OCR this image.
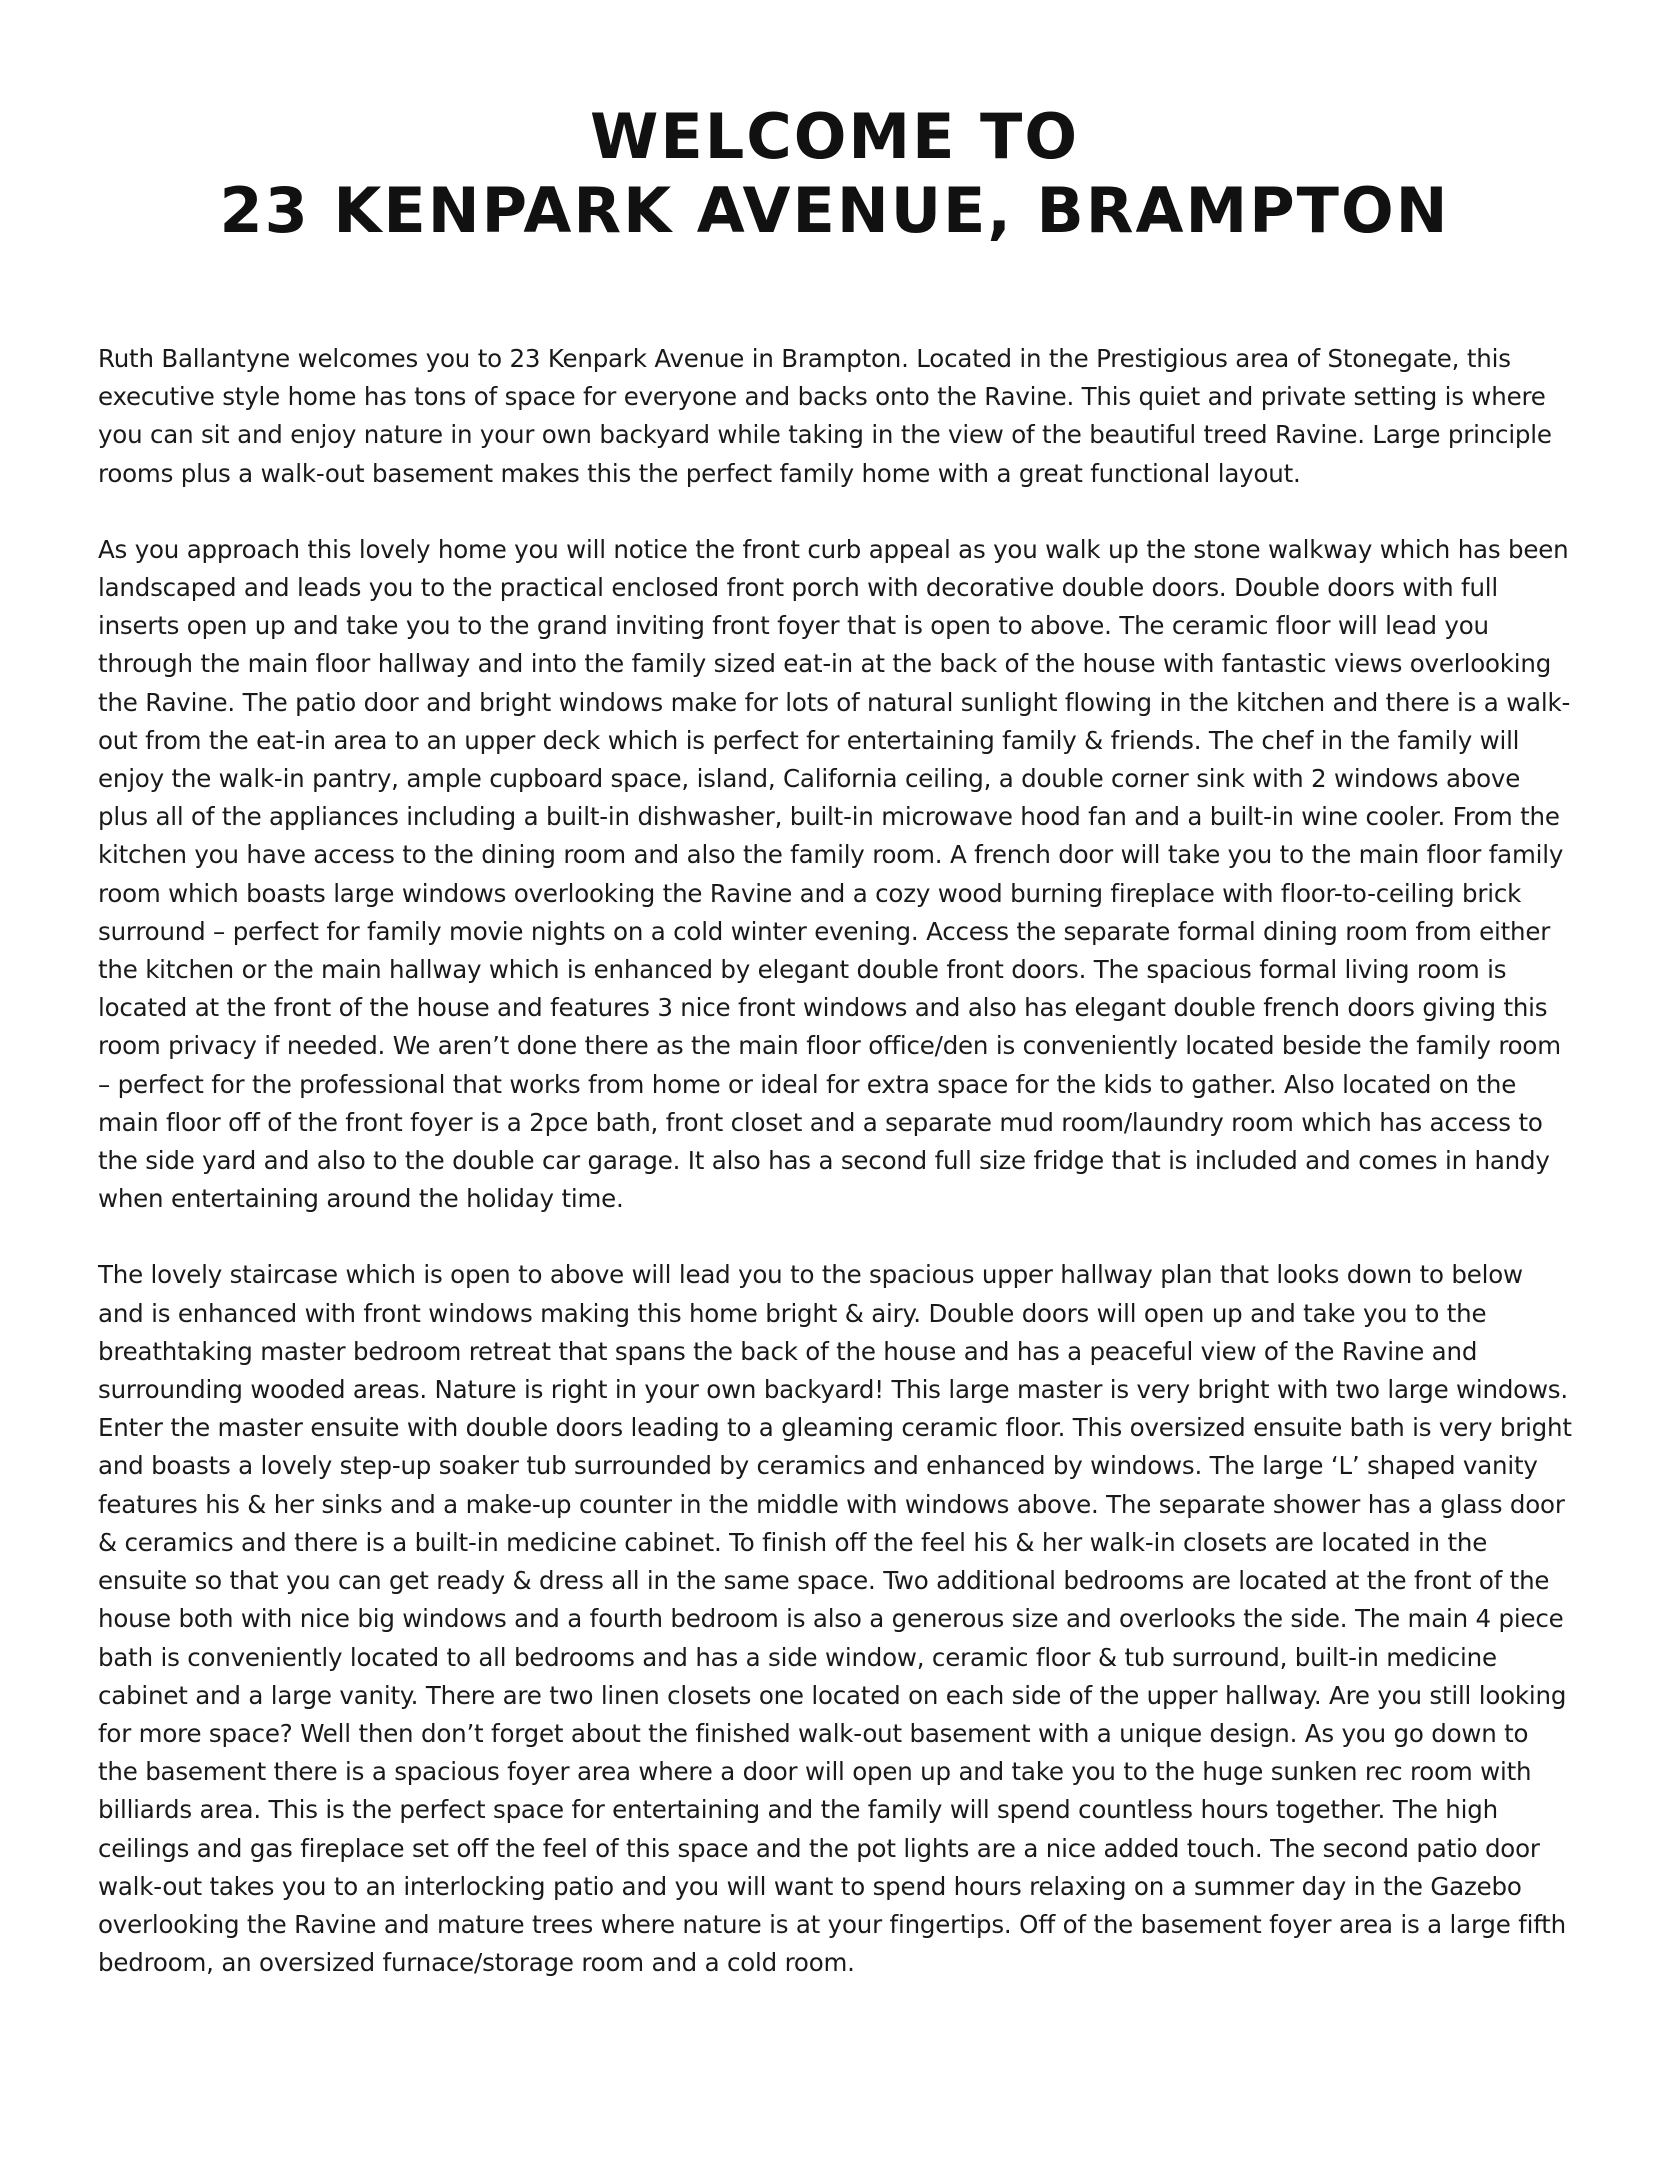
WELCOME TO
23 KENPARK AVENUE, BRAMPTON

Ruth Ballantyne welcomes you to 23 Kenpark Avenue in Brampton. Located in the Prestigious area of Stonegate, this executive style home has tons of space for everyone and backs onto the Ravine. This quiet and private setting is where you can sit and enjoy nature in your own backyard while taking in the view of the beautiful treed Ravine. Large principle rooms plus a walk-out basement makes this the perfect family home with a great functional layout.

As you approach this lovely home you will notice the front curb appeal as you walk up the stone walkway which has been landscaped and leads you to the practical enclosed front porch with decorative double doors. Double doors with full inserts open up and take you to the grand inviting front foyer that is open to above. The ceramic floor will lead you through the main floor hallway and into the family sized eat-in at the back of the house with fantastic views overlooking the Ravine. The patio door and bright windows make for lots of natural sunlight flowing in the kitchen and there is a walk-out from the eat-in area to an upper deck which is perfect for entertaining family & friends. The chef in the family will enjoy the walk-in pantry, ample cupboard space, island, California ceiling, a double corner sink with 2 windows above plus all of the appliances including a built-in dishwasher, built-in microwave hood fan and a built-in wine cooler. From the kitchen you have access to the dining room and also the family room. A french door will take you to the main floor family room which boasts large windows overlooking the Ravine and a cozy wood burning fireplace with floor-to-ceiling brick surround – perfect for family movie nights on a cold winter evening. Access the separate formal dining room from either the kitchen or the main hallway which is enhanced by elegant double front doors. The spacious formal living room is located at the front of the house and features 3 nice front windows and also has elegant double french doors giving this room privacy if needed. We aren’t done there as the main floor office/den is conveniently located beside the family room – perfect for the professional that works from home or ideal for extra space for the kids to gather. Also located on the main floor off of the front foyer is a 2pce bath, front closet and a separate mud room/laundry room which has access to the side yard and also to the double car garage. It also has a second full size fridge that is included and comes in handy when entertaining around the holiday time.

The lovely staircase which is open to above will lead you to the spacious upper hallway plan that looks down to below and is enhanced with front windows making this home bright & airy. Double doors will open up and take you to the breathtaking master bedroom retreat that spans the back of the house and has a peaceful view of the Ravine and surrounding wooded areas. Nature is right in your own backyard! This large master is very bright with two large windows. Enter the master ensuite with double doors leading to a gleaming ceramic floor. This oversized ensuite bath is very bright and boasts a lovely step-up soaker tub surrounded by ceramics and enhanced by windows. The large ‘L’ shaped vanity features his & her sinks and a make-up counter in the middle with windows above. The separate shower has a glass door & ceramics and there is a built-in medicine cabinet. To finish off the feel his & her walk-in closets are located in the ensuite so that you can get ready & dress all in the same space. Two additional bedrooms are located at the front of the house both with nice big windows and a fourth bedroom is also a generous size and overlooks the side. The main 4 piece bath is conveniently located to all bedrooms and has a side window, ceramic floor & tub surround, built-in medicine cabinet and a large vanity. There are two linen closets one located on each side of the upper hallway. Are you still looking for more space? Well then don’t forget about the finished walk-out basement with a unique design. As you go down to the basement there is a spacious foyer area where a door will open up and take you to the huge sunken rec room with billiards area. This is the perfect space for entertaining and the family will spend countless hours together. The high ceilings and gas fireplace set off the feel of this space and the pot lights are a nice added touch. The second patio door walk-out takes you to an interlocking patio and you will want to spend hours relaxing on a summer day in the Gazebo overlooking the Ravine and mature trees where nature is at your fingertips. Off of the basement foyer area is a large fifth bedroom, an oversized furnace/storage room and a cold room.
